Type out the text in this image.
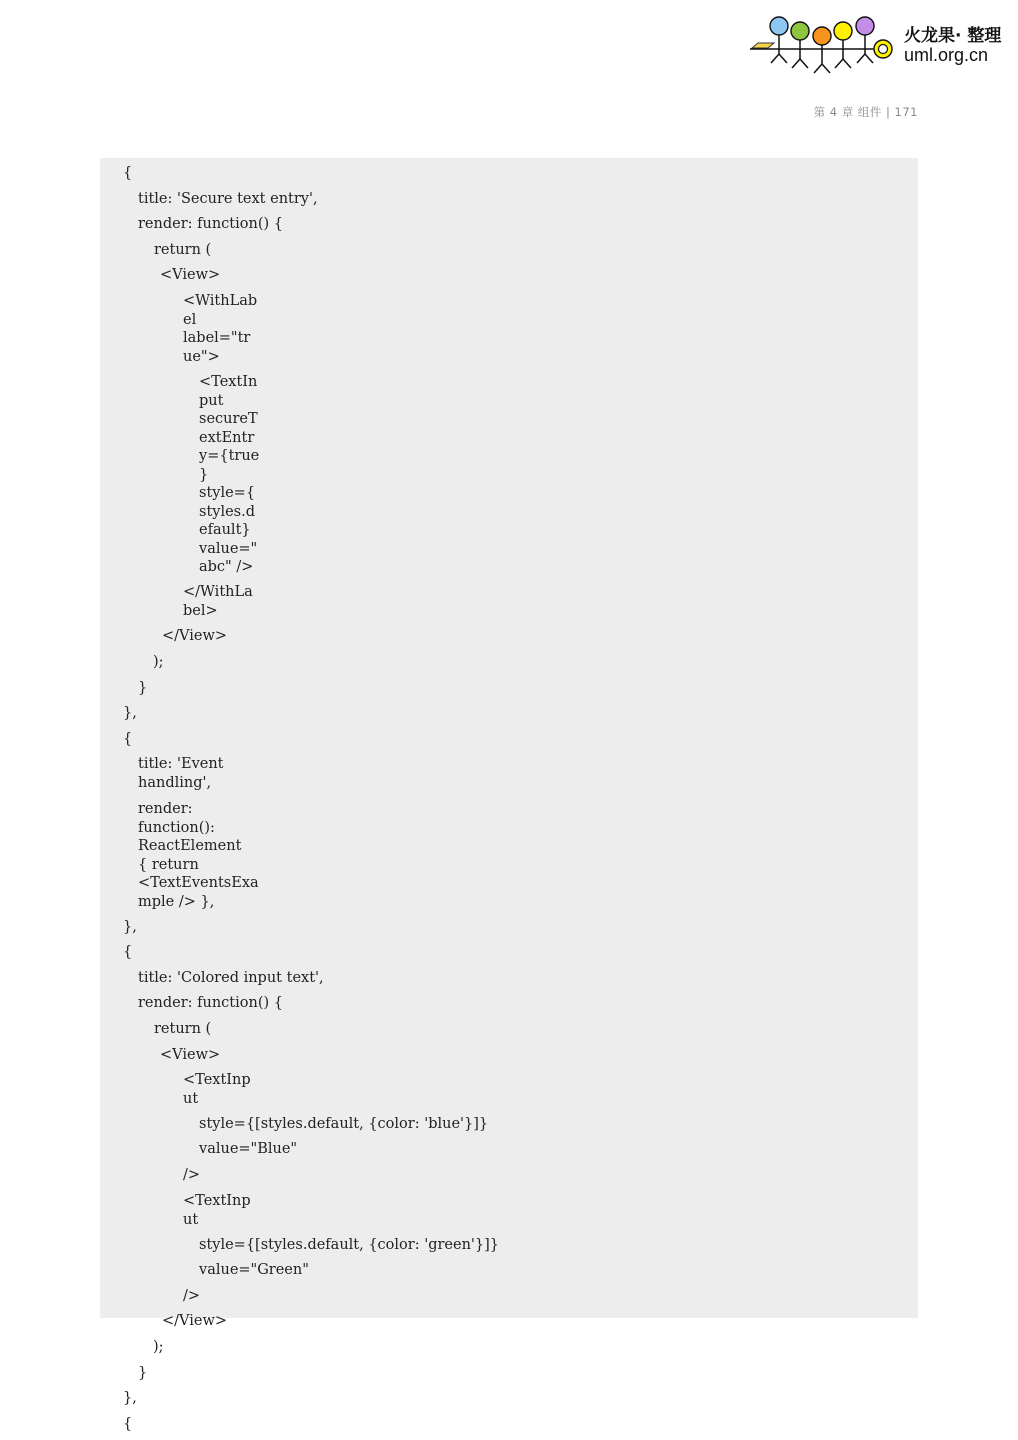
火龙果· 整理
uml.org.cn
第 4 章 组件 | 171
{
title: 'Secure text entry',
render: function() {
return (
<View>
<WithLab
el
label="tr
ue">
<TextIn
put
secureT
extEntr
y={true
}
style={
styles.d
efault}
value="
abc" />
</WithLa
bel>
</View>
);
}
},
{
title: 'Event
handling',
render:
function():
ReactElement
{ return
<TextEventsExa
mple /> },
},
{
title: 'Colored input text',
render: function() {
return (
<View>
<TextInp
ut
style={[styles.default, {color: 'blue'}]}
value="Blue"
/>
<TextInp
ut
style={[styles.default, {color: 'green'}]}
value="Green"
/>
</View>
);
}
},
{
